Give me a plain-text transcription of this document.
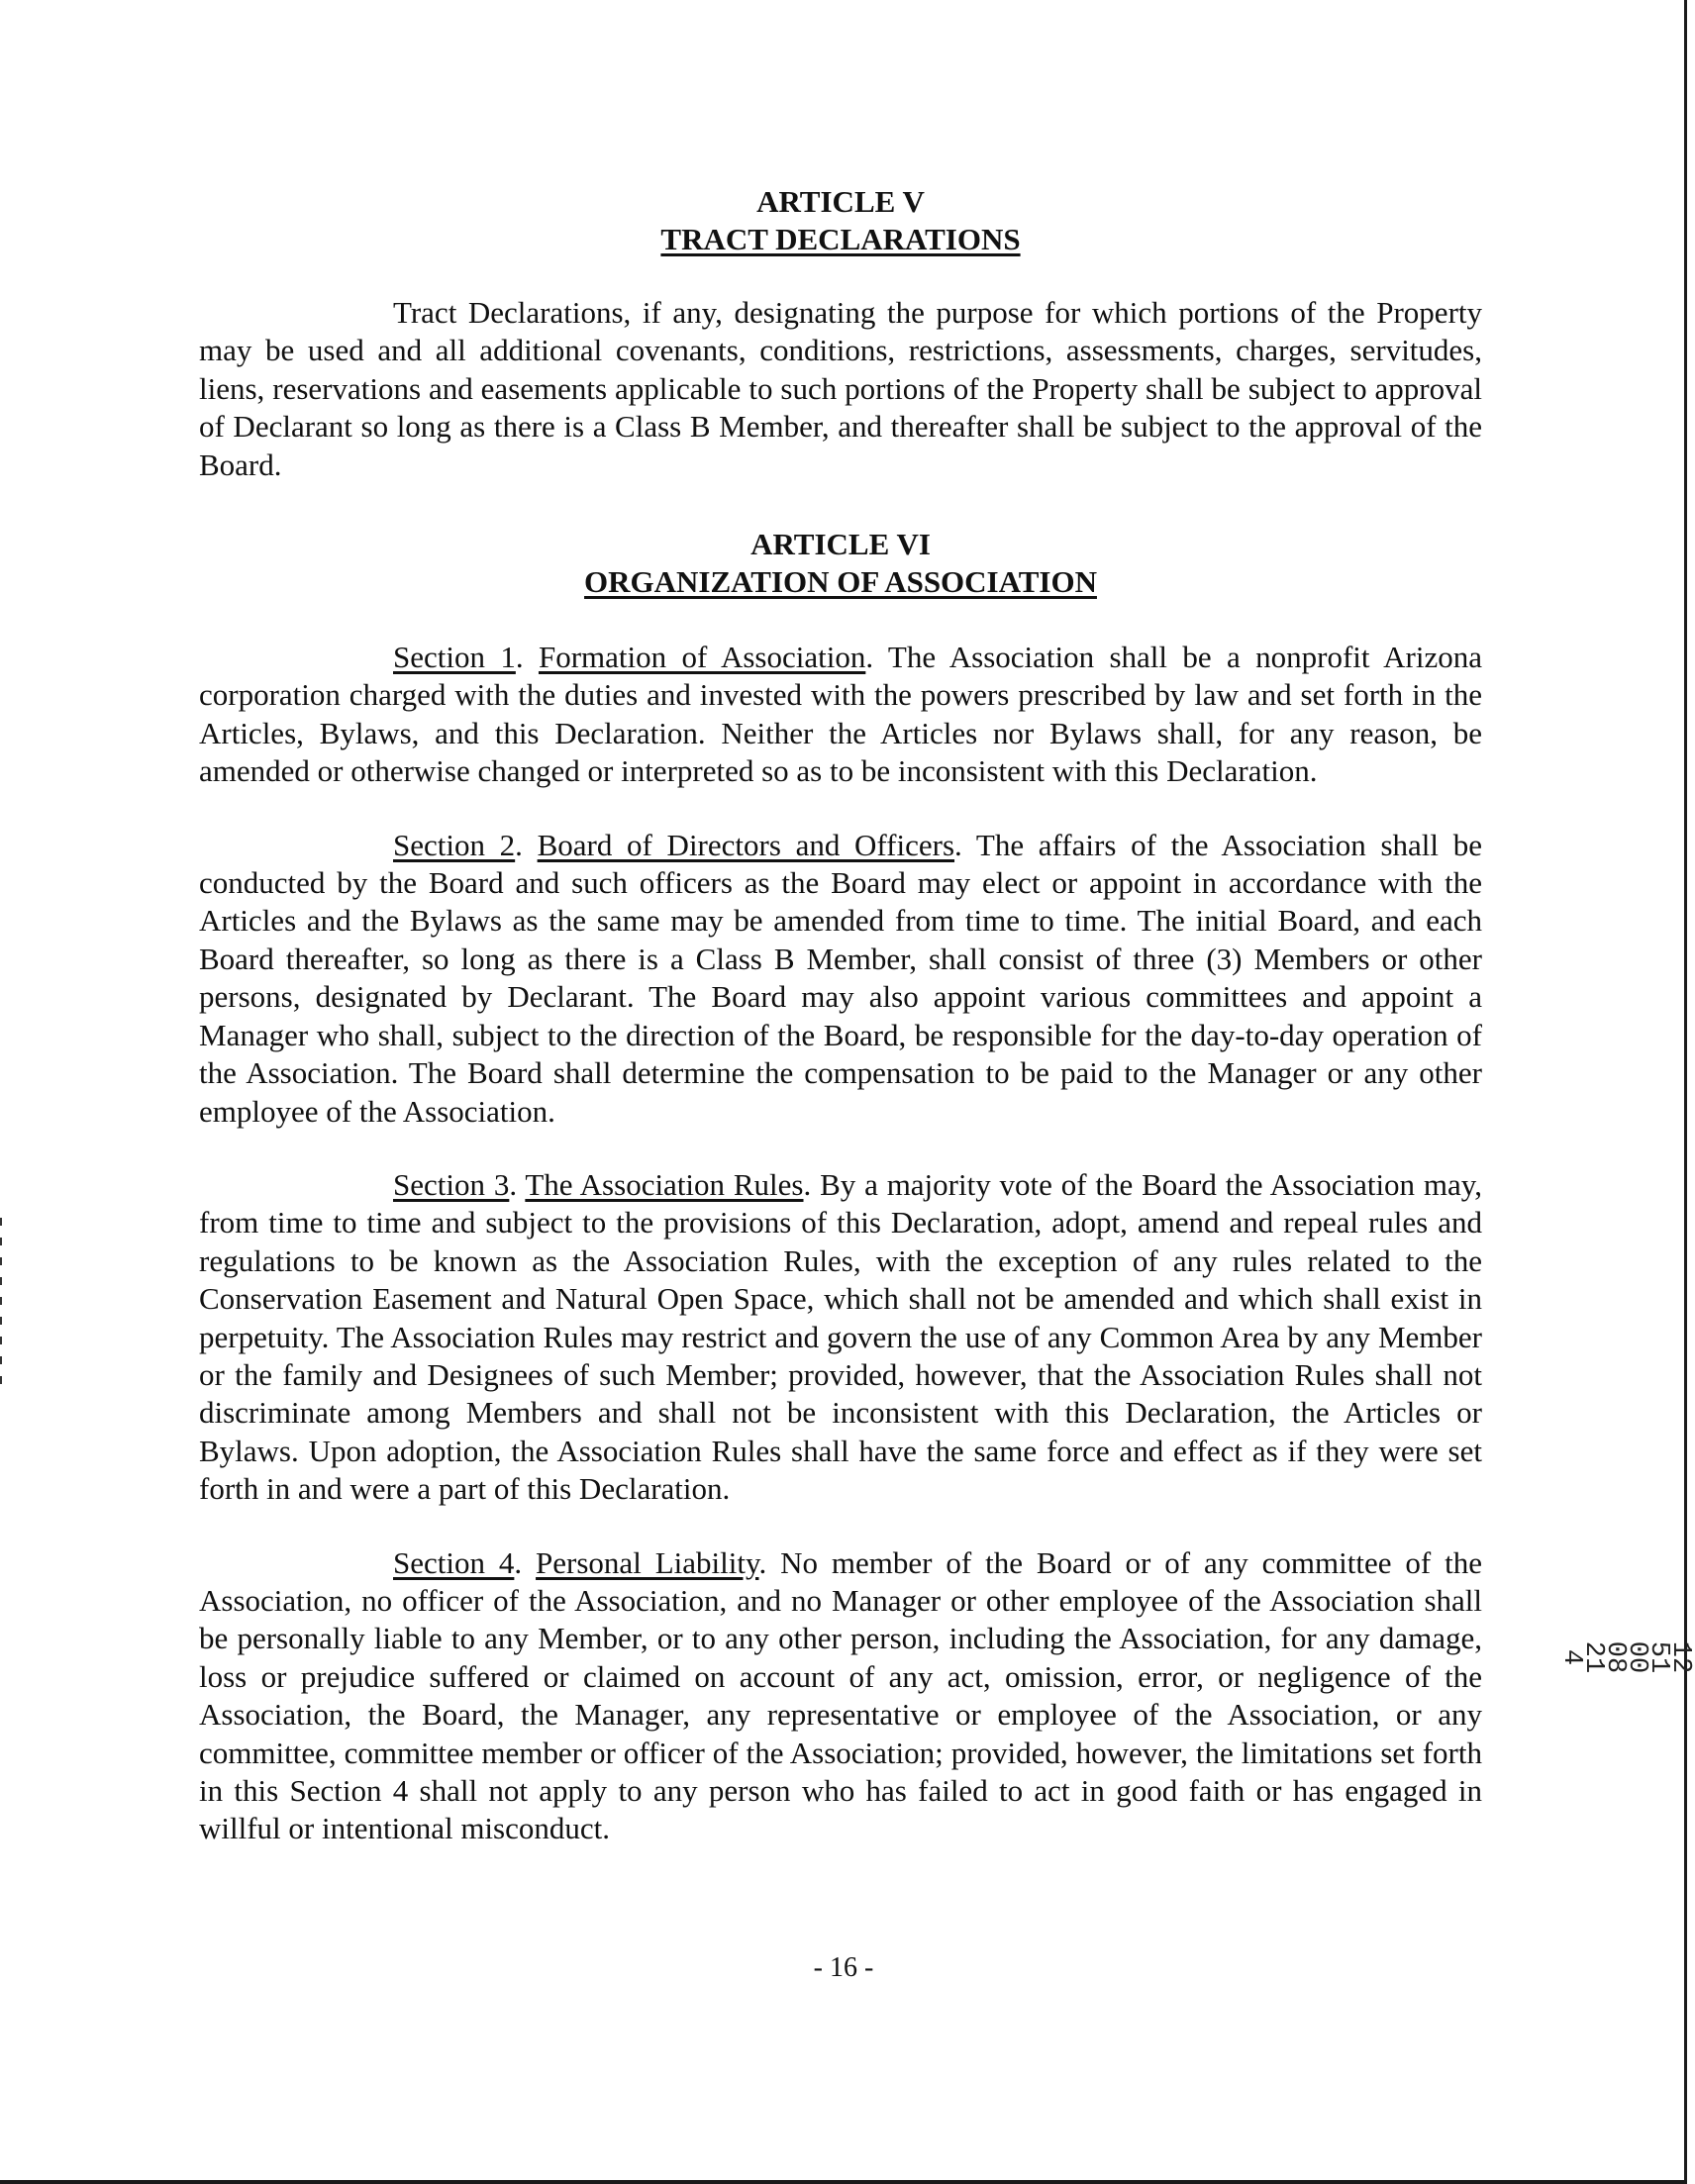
ARTICLE V
TRACT DECLARATIONS

Tract Declarations, if any, designating the purpose for which portions of the Property may be used and all additional covenants, conditions, restrictions, assessments, charges, servitudes, liens, reservations and easements applicable to such portions of the Property shall be subject to approval of Declarant so long as there is a Class B Member, and thereafter shall be subject to the approval of the Board.

ARTICLE VI
ORGANIZATION OF ASSOCIATION

Section 1. Formation of Association. The Association shall be a nonprofit Arizona corporation charged with the duties and invested with the powers prescribed by law and set forth in the Articles, Bylaws, and this Declaration. Neither the Articles nor Bylaws shall, for any reason, be amended or otherwise changed or interpreted so as to be inconsistent with this Declaration.

Section 2. Board of Directors and Officers. The affairs of the Association shall be conducted by the Board and such officers as the Board may elect or appoint in accordance with the Articles and the Bylaws as the same may be amended from time to time. The initial Board, and each Board thereafter, so long as there is a Class B Member, shall consist of three (3) Members or other persons, designated by Declarant. The Board may also appoint various committees and appoint a Manager who shall, subject to the direction of the Board, be responsible for the day-to-day operation of the Association. The Board shall determine the compensation to be paid to the Manager or any other employee of the Association.

Section 3. The Association Rules. By a majority vote of the Board the Association may, from time to time and subject to the provisions of this Declaration, adopt, amend and repeal rules and regulations to be known as the Association Rules, with the exception of any rules related to the Conservation Easement and Natural Open Space, which shall not be amended and which shall exist in perpetuity. The Association Rules may restrict and govern the use of any Common Area by any Member or the family and Designees of such Member; provided, however, that the Association Rules shall not discriminate among Members and shall not be inconsistent with this Declaration, the Articles or Bylaws. Upon adoption, the Association Rules shall have the same force and effect as if they were set forth in and were a part of this Declaration.

Section 4. Personal Liability. No member of the Board or of any committee of the Association, no officer of the Association, and no Manager or other employee of the Association shall be personally liable to any Member, or to any other person, including the Association, for any damage, loss or prejudice suffered or claimed on account of any act, omission, error, or negligence of the Association, the Board, the Manager, any representative or employee of the Association, or any committee, committee member or officer of the Association; provided, however, the limitations set forth in this Section 4 shall not apply to any person who has failed to act in good faith or has engaged in willful or intentional misconduct.

- 16 -
125100 08214
